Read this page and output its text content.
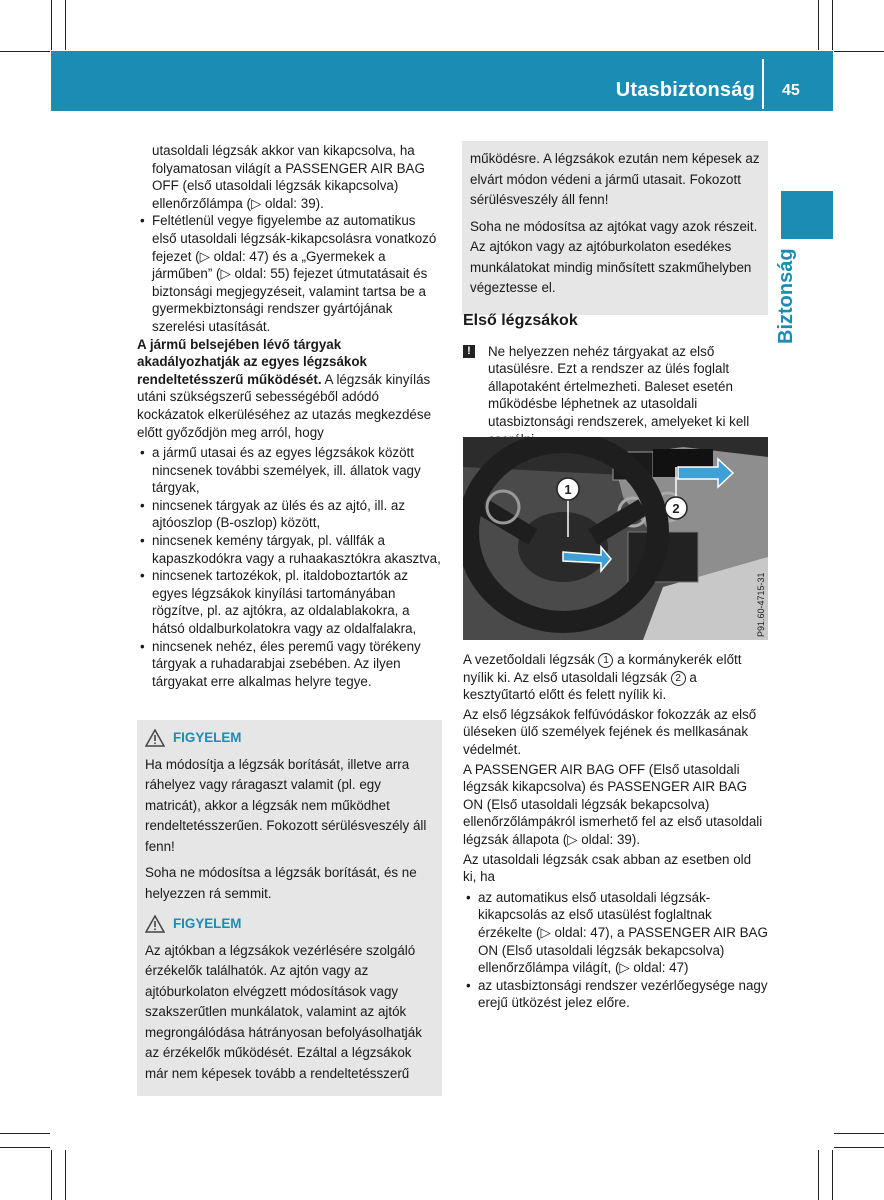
Utasbiztonság 45
Biztonság

utasoldali légzsák akkor van kikapcsolva, ha folyamatosan világít a PASSENGER AIR BAG OFF (első utasoldali légzsák kikapcsolva) ellenőrzőlámpa (▷ oldal: 39).

• Feltétlenül vegye figyelembe az automatikus első utasoldali légzsák-kikapcsolásra vonatkozó fejezet (▷ oldal: 47) és a „Gyermekek a járműben” (▷ oldal: 55) fejezet útmutatásait és biztonsági megjegyzéseit, valamint tartsa be a gyermekbiztonsági rendszer gyártójának szerelési utasítását.

A jármű belsejében lévő tárgyak akadályozhatják az egyes légzsákok rendeltetésszerű működését. A légzsák kinyílás utáni szükségszerű sebességéből adódó kockázatok elkerüléséhez az utazás megkezdése előtt győződjön meg arról, hogy

• a jármű utasai és az egyes légzsákok között nincsenek további személyek, ill. állatok vagy tárgyak,

• nincsenek tárgyak az ülés és az ajtó, ill. az ajtóoszlop (B-oszlop) között,

• nincsenek kemény tárgyak, pl. vállfák a kapaszkodókra vagy a ruhaakasztókra akasztva,

• nincsenek tartozékok, pl. italdoboztartók az egyes légzsákok kinyílási tartományában rögzítve, pl. az ajtókra, az oldalablakokra, a hátsó oldalburkolatokra vagy az oldalfalakra,

• nincsenek nehéz, éles peremű vagy törékeny tárgyak a ruhadarabjai zsebében. Az ilyen tárgyakat erre alkalmas helyre tegye.

FIGYELEM

Ha módosítja a légzsák borítását, illetve arra ráhelyez vagy ráragaszt valamit (pl. egy matricát), akkor a légzsák nem működhet rendeltetésszerűen. Fokozott sérülésveszély áll fenn!

Soha ne módosítsa a légzsák borítását, és ne helyezzen rá semmit.

FIGYELEM

Az ajtókban a légzsákok vezérlésére szolgáló érzékelők találhatók. Az ajtón vagy az ajtóburkolaton elvégzett módosítások vagy szakszerűtlen munkálatok, valamint az ajtók megrongálódása hátrányosan befolyásolhatják az érzékelők működését. Ezáltal a légzsákok már nem képesek tovább a rendeltetésszerű

működésre. A légzsákok ezután nem képesek az elvárt módon védeni a jármű utasait. Fokozott sérülésveszély áll fenn!

Soha ne módosítsa az ajtókat vagy azok részeit. Az ajtókon vagy az ajtóburkolaton esedékes munkálatokat mindig minősített szakműhelyben végeztesse el.

Első légzsákok

!	Ne helyezzen nehéz tárgyakat az első utasülésre. Ezt a rendszer az ülés foglalt állapotaként értelmezheti. Baleset esetén működésbe léphetnek az utasoldali utasbiztonsági rendszerek, amelyeket ki kell

1
2
P91.60-4715-31

A vezetőoldali légzsák 1 a kormánykerék előtt nyílik ki. Az első utasoldali légzsák 2 a kesztyűtartó előtt és felett nyílik ki.

Az első légzsákok felfúvódáskor fokozzák az első üléseken ülő személyek fejének és mellkasának védelmét.

A PASSENGER AIR BAG OFF (Első utasoldali légzsák kikapcsolva) és PASSENGER AIR BAG ON (Első utasoldali légzsák bekapcsolva) ellenőrzőlámpákról ismerhető fel az első utasoldali légzsák állapota (▷ oldal: 39).

Az utasoldali légzsák csak abban az esetben old ki, ha

• az automatikus első utasoldali légzsák-kikapcsolás az első utasülést foglaltnak érzékelte (▷ oldal: 47), a PASSENGER AIR BAG ON (Első utasoldali légzsák bekapcsolva) ellenőrzőlámpa világít, (▷ oldal: 47)

• az utasbiztonsági rendszer vezérlőegysége nagy erejű ütközést jelez előre.
